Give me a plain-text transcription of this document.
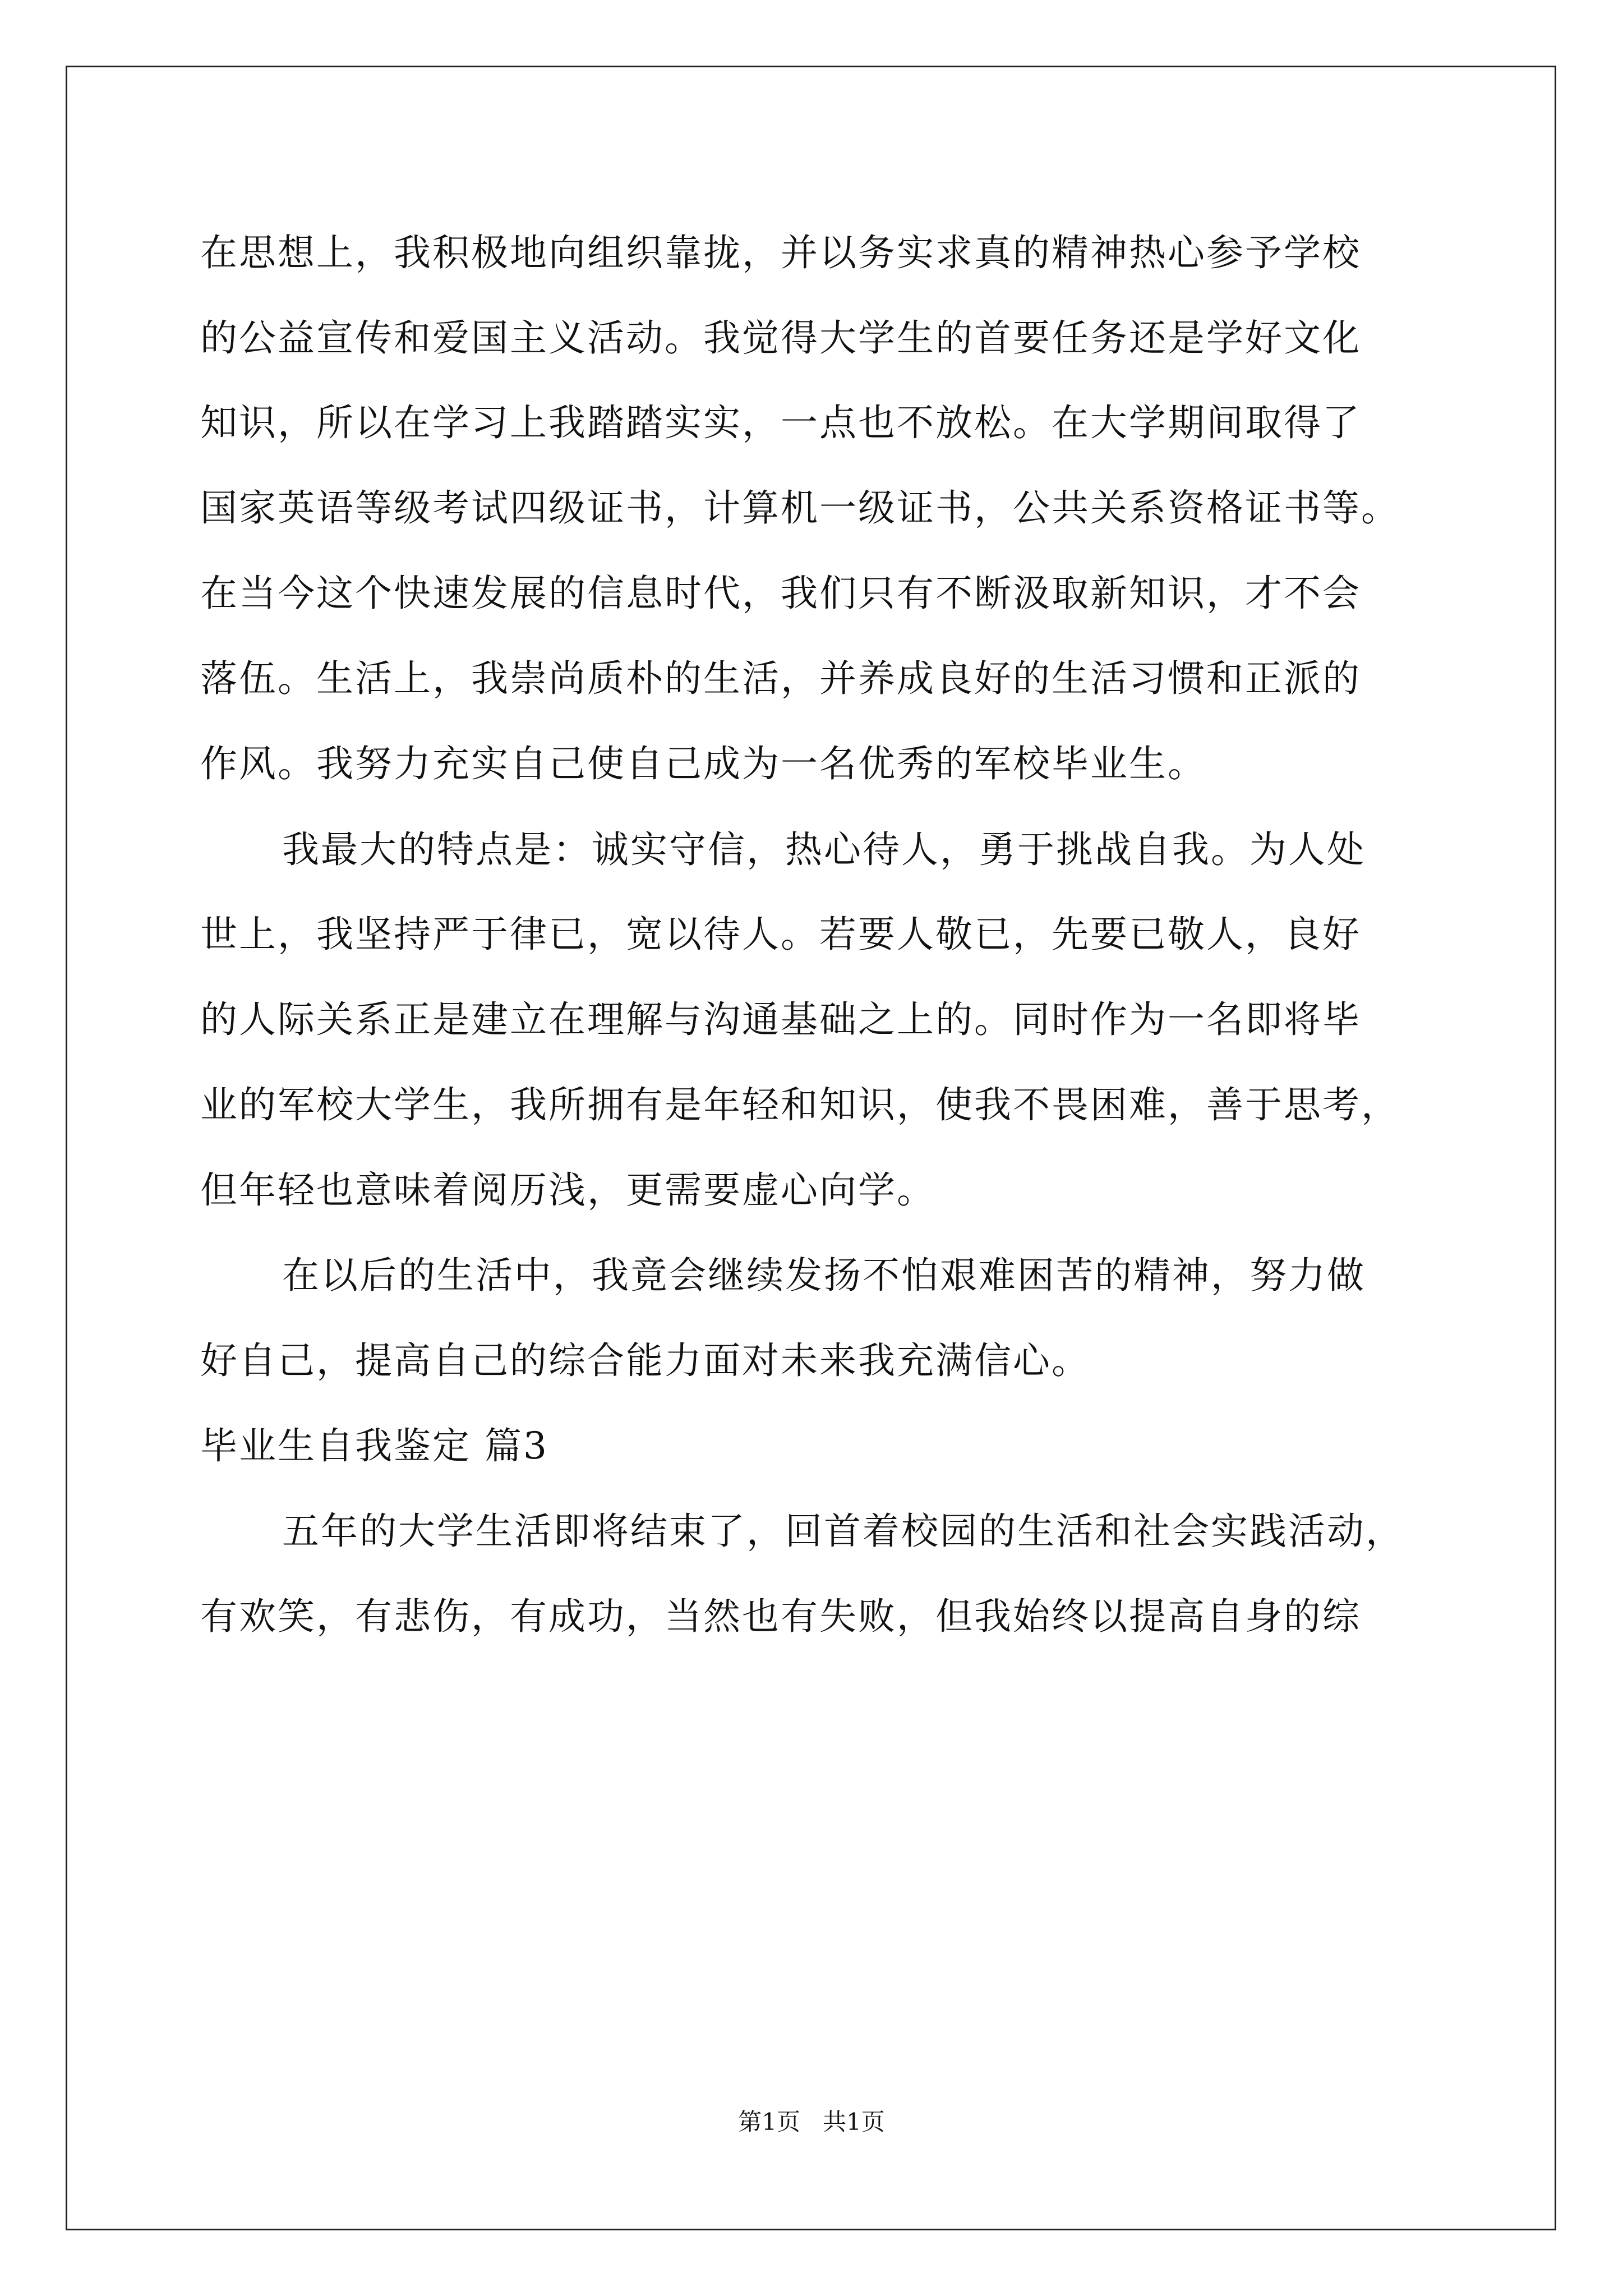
在思想上，我积极地向组织靠拢，并以务实求真的精神热心参予学校
的公益宣传和爱国主义活动。我觉得大学生的首要任务还是学好文化
知识，所以在学习上我踏踏实实，一点也不放松。在大学期间取得了
国家英语等级考试四级证书，计算机一级证书，公共关系资格证书等。
在当今这个快速发展的信息时代，我们只有不断汲取新知识，才不会
落伍。生活上，我崇尚质朴的生活，并养成良好的生活习惯和正派的
作风。我努力充实自己使自己成为一名优秀的军校毕业生。
我最大的特点是：诚实守信，热心待人，勇于挑战自我。为人处
世上，我坚持严于律已，宽以待人。若要人敬已，先要已敬人，良好
的人际关系正是建立在理解与沟通基础之上的。同时作为一名即将毕
业的军校大学生，我所拥有是年轻和知识，使我不畏困难，善于思考，
但年轻也意味着阅历浅，更需要虚心向学。
在以后的生活中，我竟会继续发扬不怕艰难困苦的精神，努力做
好自己，提高自己的综合能力面对未来我充满信心。
毕业生自我鉴定 篇3
五年的大学生活即将结束了，回首着校园的生活和社会实践活动，
有欢笑，有悲伤，有成功，当然也有失败，但我始终以提高自身的综
第1页   共1页
